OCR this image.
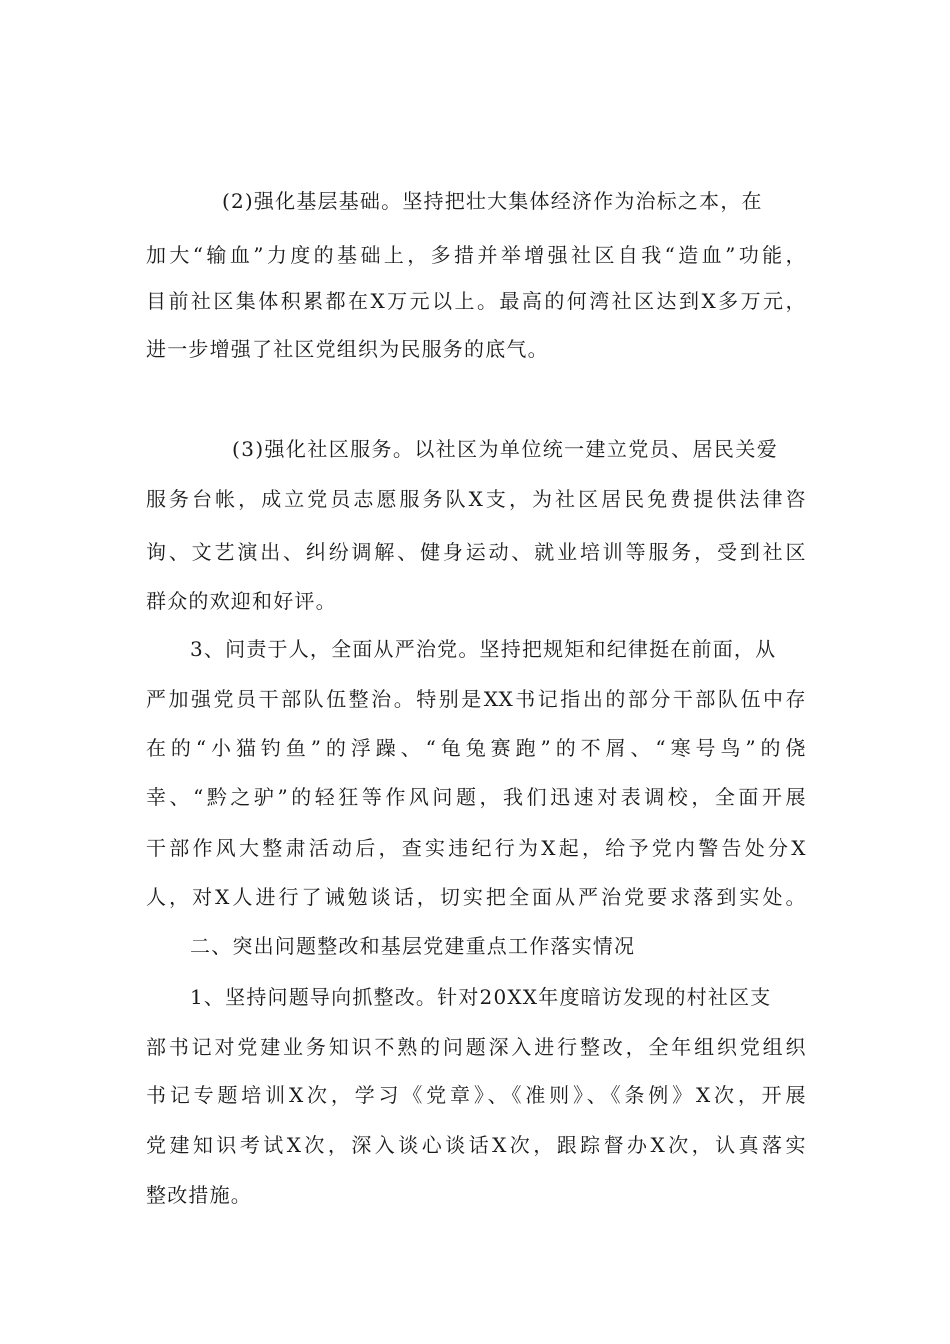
(2)强化基层基础。坚持把壮大集体经济作为治标之本，在
加大“输血”力度的基础上，多措并举增强社区自我“造血”功能，
目前社区集体积累都在X万元以上。最高的何湾社区达到X多万元，
进一步增强了社区党组织为民服务的底气。
(3)强化社区服务。以社区为单位统一建立党员、居民关爱
服务台帐，成立党员志愿服务队X支，为社区居民免费提供法律咨
询、文艺演出、纠纷调解、健身运动、就业培训等服务，受到社区
群众的欢迎和好评。
3、问责于人，全面从严治党。坚持把规矩和纪律挺在前面，从
严加强党员干部队伍整治。特别是XX书记指出的部分干部队伍中存
在的“小猫钓鱼”的浮躁、“龟兔赛跑”的不屑、“寒号鸟”的侥
幸、“黔之驴”的轻狂等作风问题，我们迅速对表调校，全面开展
干部作风大整肃活动后，查实违纪行为X起，给予党内警告处分X
人，对X人进行了诫勉谈话，切实把全面从严治党要求落到实处。
二、突出问题整改和基层党建重点工作落实情况
1、坚持问题导向抓整改。针对20XX年度暗访发现的村社区支
部书记对党建业务知识不熟的问题深入进行整改，全年组织党组织
书记专题培训X次，学习《党章》、《准则》、《条例》X次，开展
党建知识考试X次，深入谈心谈话X次，跟踪督办X次，认真落实
整改措施。
